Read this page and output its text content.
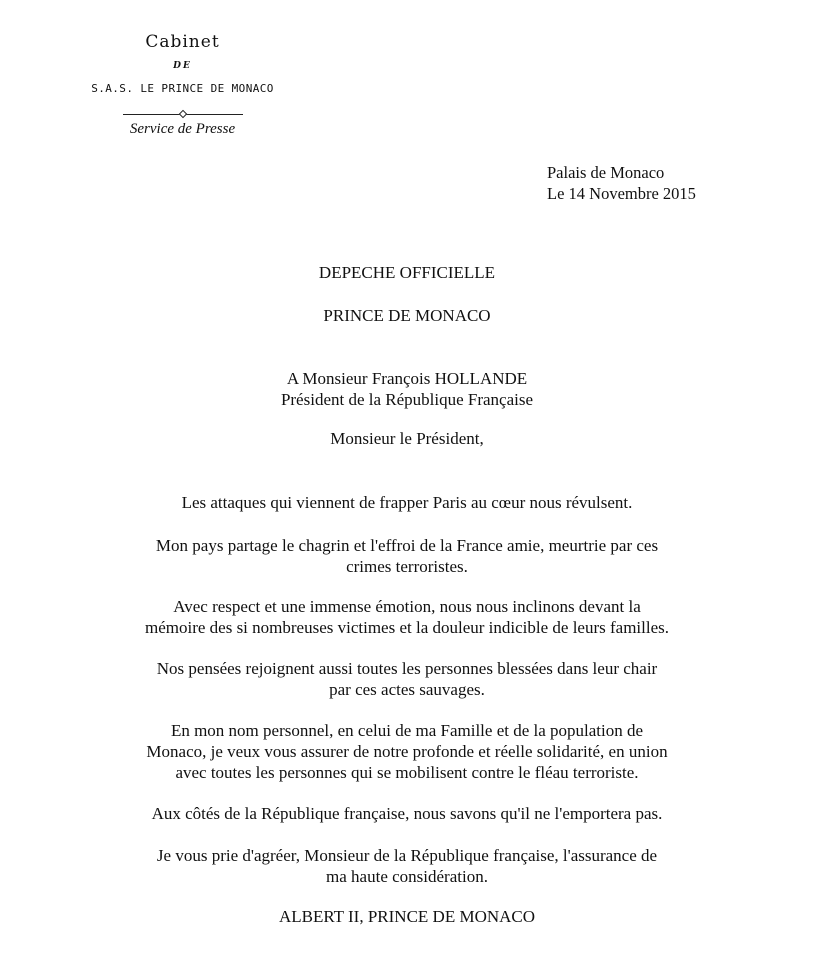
Cabinet
DE
S.A.S. LE PRINCE DE MONACO
Service de Presse
Palais de Monaco
Le 14 Novembre 2015
DEPECHE OFFICIELLE
PRINCE DE MONACO
A Monsieur François HOLLANDE
Président de la République Française
Monsieur le Président,
Les attaques qui viennent de frapper Paris au cœur nous révulsent.
Mon pays partage le chagrin et l'effroi de la France amie, meurtrie par ces
crimes terroristes.
Avec respect et une immense émotion, nous nous inclinons devant la
mémoire des si nombreuses victimes et la douleur indicible de leurs familles.
Nos pensées rejoignent aussi toutes les personnes blessées dans leur chair
par ces actes sauvages.
En mon nom personnel, en celui de ma Famille et de la population de
Monaco, je veux vous assurer de notre profonde et réelle solidarité, en union
avec toutes les personnes qui se mobilisent contre le fléau terroriste.
Aux côtés de la République française, nous savons qu'il ne l'emportera pas.
Je vous prie d'agréer, Monsieur de la République française, l'assurance de
ma haute considération.
ALBERT II, PRINCE DE MONACO
